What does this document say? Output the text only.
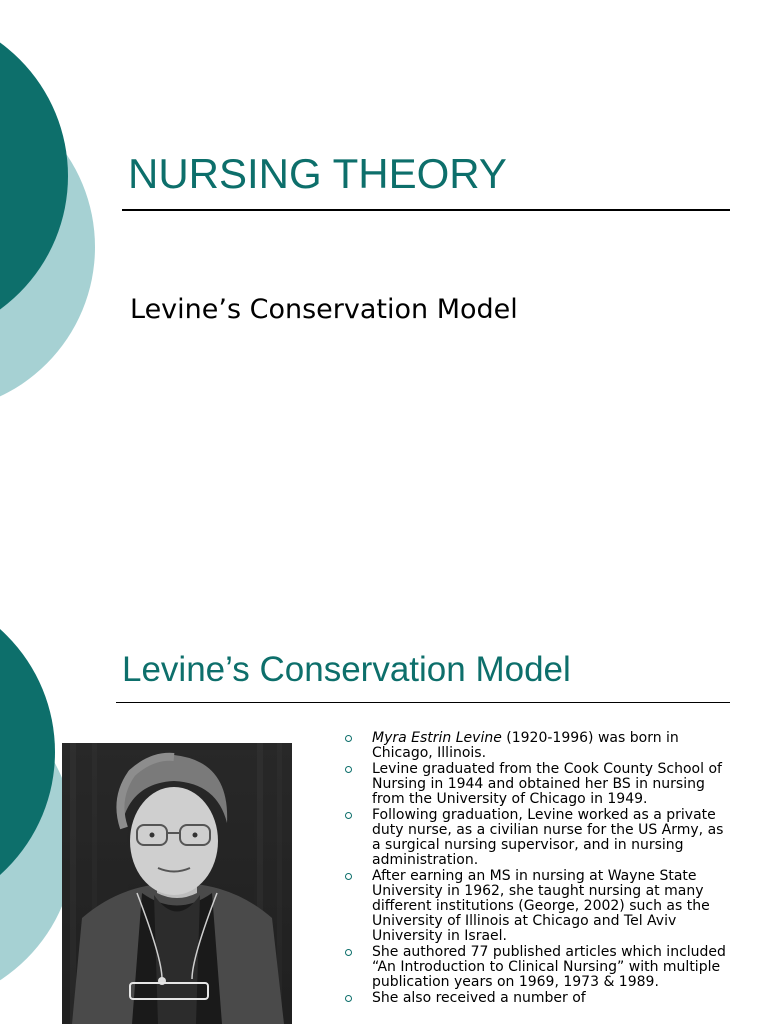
NURSING THEORY
Levine’s Conservation Model
Levine’s Conservation Model
Myra Estrin Levine (1920-1996) was born in Chicago, Illinois.
Levine graduated from the Cook County School of Nursing in 1944 and obtained her BS in nursing from the University of Chicago in 1949.
Following graduation, Levine worked as a private duty nurse, as a civilian nurse for the US Army, as a surgical nursing supervisor, and in nursing administration.
After earning an MS in nursing at Wayne State University in 1962, she taught nursing at many different institutions (George, 2002) such as the University of Illinois at Chicago and Tel Aviv University in Israel.
She authored 77 published articles which included “An Introduction to Clinical Nursing” with multiple publication years on 1969, 1973 & 1989.
She also received a number of
